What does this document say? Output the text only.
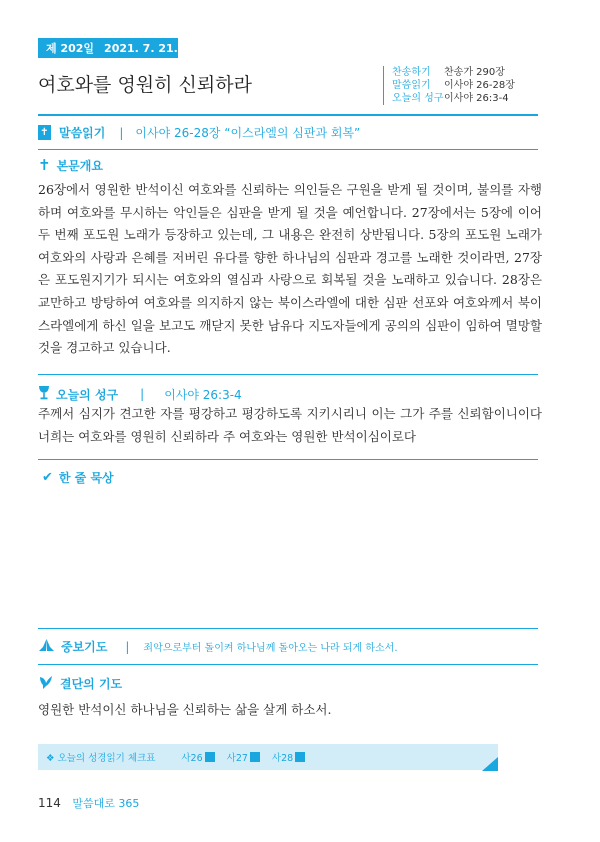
제 202일 2021. 7. 21. 수
여호와를 영원히 신뢰하라
찬송하기	찬송가 290장
말씀읽기	이사야 26-28장
오늘의 성구 이사야 26:3-4
✝ 말씀읽기 | 이사야 26-28장 “이스라엘의 심판과 회복”
✝ 본문개요
26장에서 영원한 반석이신 여호와를 신뢰하는 의인들은 구원을 받게 될 것이며, 불의를 자행하며 여호와를 무시하는 악인들은 심판을 받게 될 것을 예언합니다. 27장에서는 5장에 이어 두 번째 포도원 노래가 등장하고 있는데, 그 내용은 완전히 상반됩니다. 5장의 포도원 노래가 여호와의 사랑과 은혜를 저버린 유다를 향한 하나님의 심판과 경고를 노래한 것이라면, 27장은 포도원지기가 되시는 여호와의 열심과 사랑으로 회복될 것을 노래하고 있습니다. 28장은 교만하고 방탕하여 여호와를 의지하지 않는 북이스라엘에 대한 심판 선포와 여호와께서 북이스라엘에게 하신 일을 보고도 깨닫지 못한 남유다 지도자들에게 공의의 심판이 임하여 멸망할 것을 경고하고 있습니다.
오늘의 성구 | 이사야 26:3-4
주께서 심지가 견고한 자를 평강하고 평강하도록 지키시리니 이는 그가 주를 신뢰함이니이다 너희는 여호와를 영원히 신뢰하라 주 여호와는 영원한 반석이심이로다
✔ 한 줄 묵상
중보기도 | 죄악으로부터 돌이켜 하나님께 돌아오는 나라 되게 하소서.
결단의 기도
영원한 반석이신 하나님을 신뢰하는 삶을 살게 하소서.
❖ 오늘의 성경읽기 체크표	사26	사27	사28
114 말씀대로 365
